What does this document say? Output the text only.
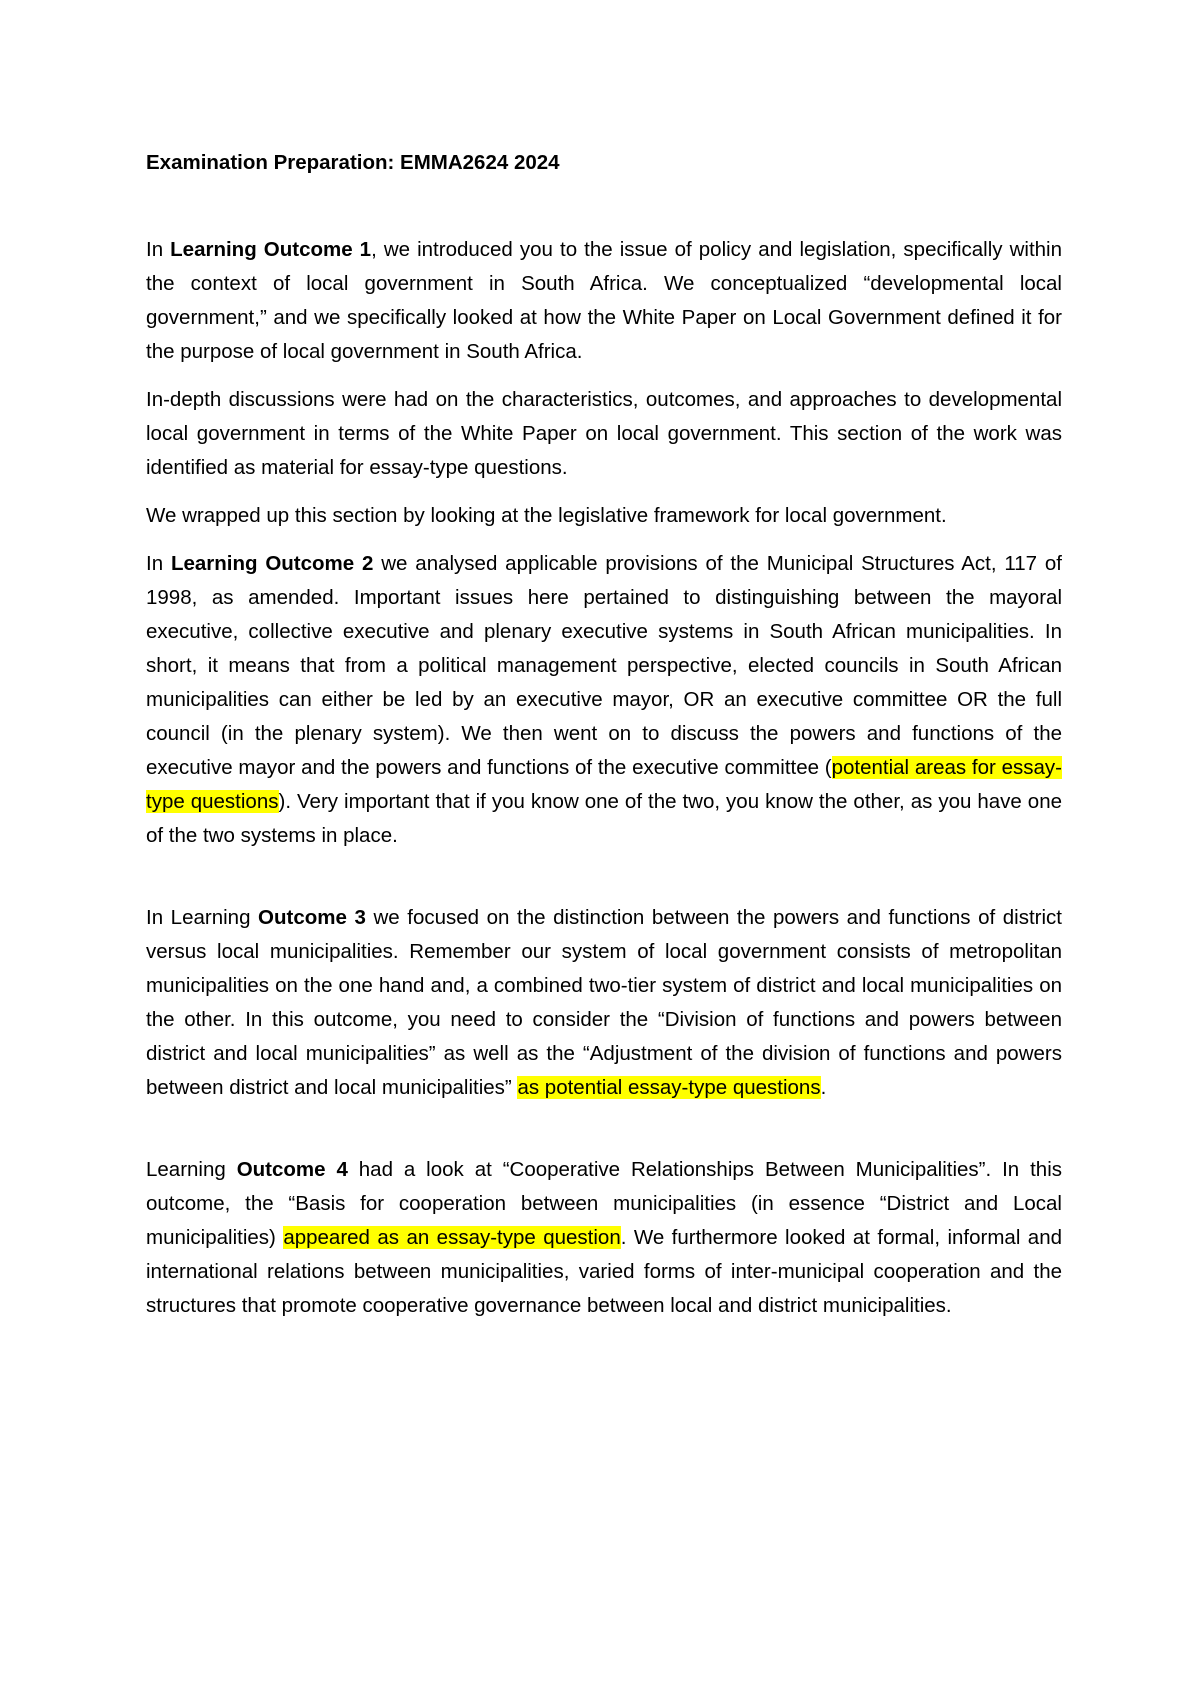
Examination Preparation: EMMA2624 2024

In Learning Outcome 1, we introduced you to the issue of policy and legislation, specifically within the context of local government in South Africa. We conceptualized “developmental local government,” and we specifically looked at how the White Paper on Local Government defined it for the purpose of local government in South Africa.

In-depth discussions were had on the characteristics, outcomes, and approaches to developmental local government in terms of the White Paper on local government. This section of the work was identified as material for essay-type questions.

We wrapped up this section by looking at the legislative framework for local government.

In Learning Outcome 2 we analysed applicable provisions of the Municipal Structures Act, 117 of 1998, as amended. Important issues here pertained to distinguishing between the mayoral executive, collective executive and plenary executive systems in South African municipalities. In short, it means that from a political management perspective, elected councils in South African municipalities can either be led by an executive mayor, OR an executive committee OR the full council (in the plenary system). We then went on to discuss the powers and functions of the executive mayor and the powers and functions of the executive committee (potential areas for essay-type questions). Very important that if you know one of the two, you know the other, as you have one of the two systems in place.

In Learning Outcome 3 we focused on the distinction between the powers and functions of district versus local municipalities. Remember our system of local government consists of metropolitan municipalities on the one hand and, a combined two-tier system of district and local municipalities on the other. In this outcome, you need to consider the “Division of functions and powers between district and local municipalities” as well as the “Adjustment of the division of functions and powers between district and local municipalities” as potential essay-type questions.

Learning Outcome 4 had a look at “Cooperative Relationships Between Municipalities”. In this outcome, the “Basis for cooperation between municipalities (in essence “District and Local municipalities) appeared as an essay-type question. We furthermore looked at formal, informal and international relations between municipalities, varied forms of inter-municipal cooperation and the structures that promote cooperative governance between local and district municipalities.
